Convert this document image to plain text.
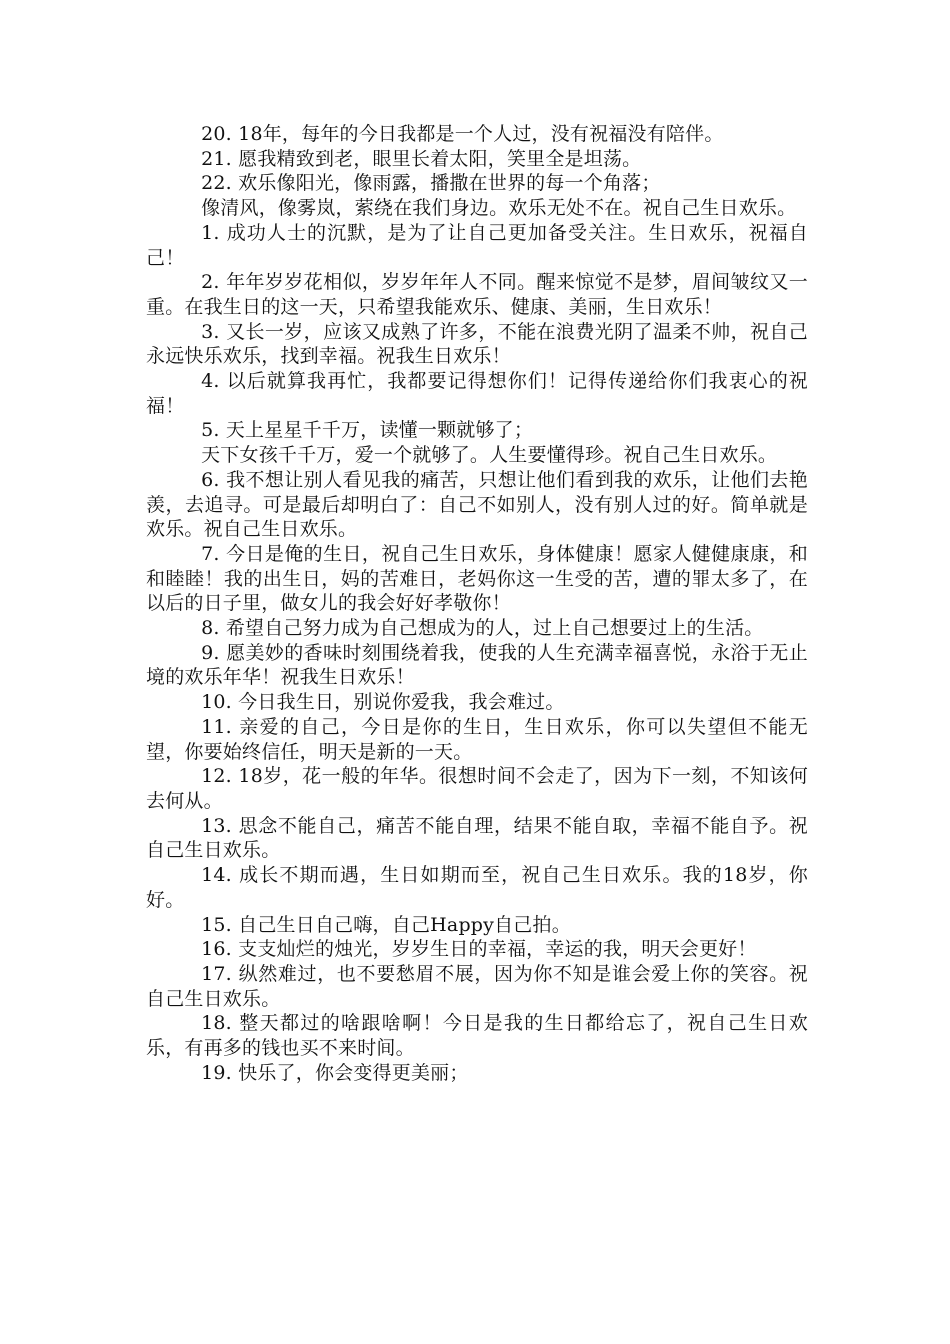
20. 18年，每年的今日我都是一个人过，没有祝福没有陪伴。

21. 愿我精致到老，眼里长着太阳，笑里全是坦荡。

22. 欢乐像阳光，像雨露，播撒在世界的每一个角落；

像清风，像雾岚，萦绕在我们身边。欢乐无处不在。祝自己生日欢乐。

1. 成功人士的沉默，是为了让自己更加备受关注。生日欢乐，祝福自己！

2. 年年岁岁花相似，岁岁年年人不同。醒来惊觉不是梦，眉间皱纹又一重。在我生日的这一天，只希望我能欢乐、健康、美丽，生日欢乐！

3. 又长一岁，应该又成熟了许多，不能在浪费光阴了温柔不帅，祝自己永远快乐欢乐，找到幸福。祝我生日欢乐！

4. 以后就算我再忙，我都要记得想你们！记得传递给你们我衷心的祝福！

5. 天上星星千千万，读懂一颗就够了；

天下女孩千千万，爱一个就够了。人生要懂得珍。祝自己生日欢乐。

6. 我不想让别人看见我的痛苦，只想让他们看到我的欢乐，让他们去艳羡，去追寻。可是最后却明白了：自己不如别人，没有别人过的好。简单就是欢乐。祝自己生日欢乐。

7. 今日是俺的生日，祝自己生日欢乐，身体健康！愿家人健健康康，和和睦睦！我的出生日，妈的苦难日，老妈你这一生受的苦，遭的罪太多了，在以后的日子里，做女儿的我会好好孝敬你！

8. 希望自己努力成为自己想成为的人，过上自己想要过上的生活。

9. 愿美妙的香味时刻围绕着我，使我的人生充满幸福喜悦，永浴于无止境的欢乐年华！祝我生日欢乐！

10. 今日我生日，别说你爱我，我会难过。

11. 亲爱的自己，今日是你的生日，生日欢乐，你可以失望但不能无望，你要始终信任，明天是新的一天。

12. 18岁，花一般的年华。很想时间不会走了，因为下一刻，不知该何去何从。

13. 思念不能自己，痛苦不能自理，结果不能自取，幸福不能自予。祝自己生日欢乐。

14. 成长不期而遇，生日如期而至，祝自己生日欢乐。我的18岁，你好。

15. 自己生日自己嗨，自己Happy自己拍。

16. 支支灿烂的烛光，岁岁生日的幸福，幸运的我，明天会更好！

17. 纵然难过，也不要愁眉不展，因为你不知是谁会爱上你的笑容。祝自己生日欢乐。

18. 整天都过的啥跟啥啊！今日是我的生日都给忘了，祝自己生日欢乐，有再多的钱也买不来时间。

19. 快乐了，你会变得更美丽；
